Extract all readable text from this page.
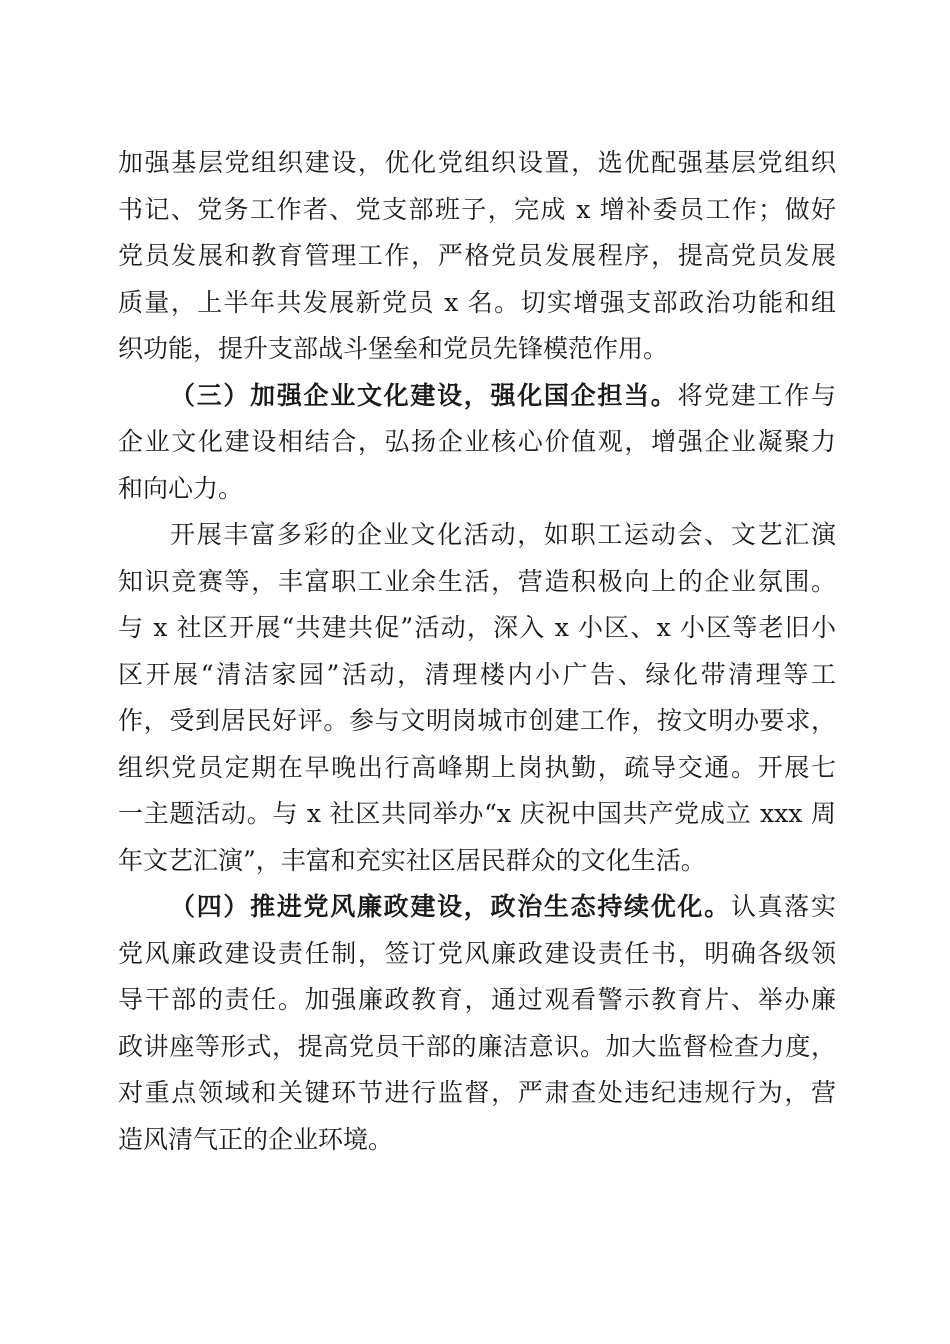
加强基层党组织建设，优化党组织设置，选优配强基层党组织
书记、党务工作者、党支部班子，完成 x 增补委员工作；做好
党员发展和教育管理工作，严格党员发展程序，提高党员发展
质量，上半年共发展新党员 x 名。切实增强支部政治功能和组
织功能，提升支部战斗堡垒和党员先锋模范作用。
（三）加强企业文化建设，强化国企担当。将党建工作与
企业文化建设相结合，弘扬企业核心价值观，增强企业凝聚力
和向心力。
开展丰富多彩的企业文化活动，如职工运动会、文艺汇演
知识竞赛等，丰富职工业余生活，营造积极向上的企业氛围。
与 x 社区开展“共建共促”活动，深入 x 小区、x 小区等老旧小
区开展“清洁家园”活动，清理楼内小广告、绿化带清理等工
作，受到居民好评。参与文明岗城市创建工作，按文明办要求，
组织党员定期在早晚出行高峰期上岗执勤，疏导交通。开展七
一主题活动。与 x 社区共同举办“x 庆祝中国共产党成立 xxx 周
年文艺汇演”，丰富和充实社区居民群众的文化生活。
（四）推进党风廉政建设，政治生态持续优化。认真落实
党风廉政建设责任制，签订党风廉政建设责任书，明确各级领
导干部的责任。加强廉政教育，通过观看警示教育片、举办廉
政讲座等形式，提高党员干部的廉洁意识。加大监督检查力度，
对重点领域和关键环节进行监督，严肃查处违纪违规行为，营
造风清气正的企业环境。
